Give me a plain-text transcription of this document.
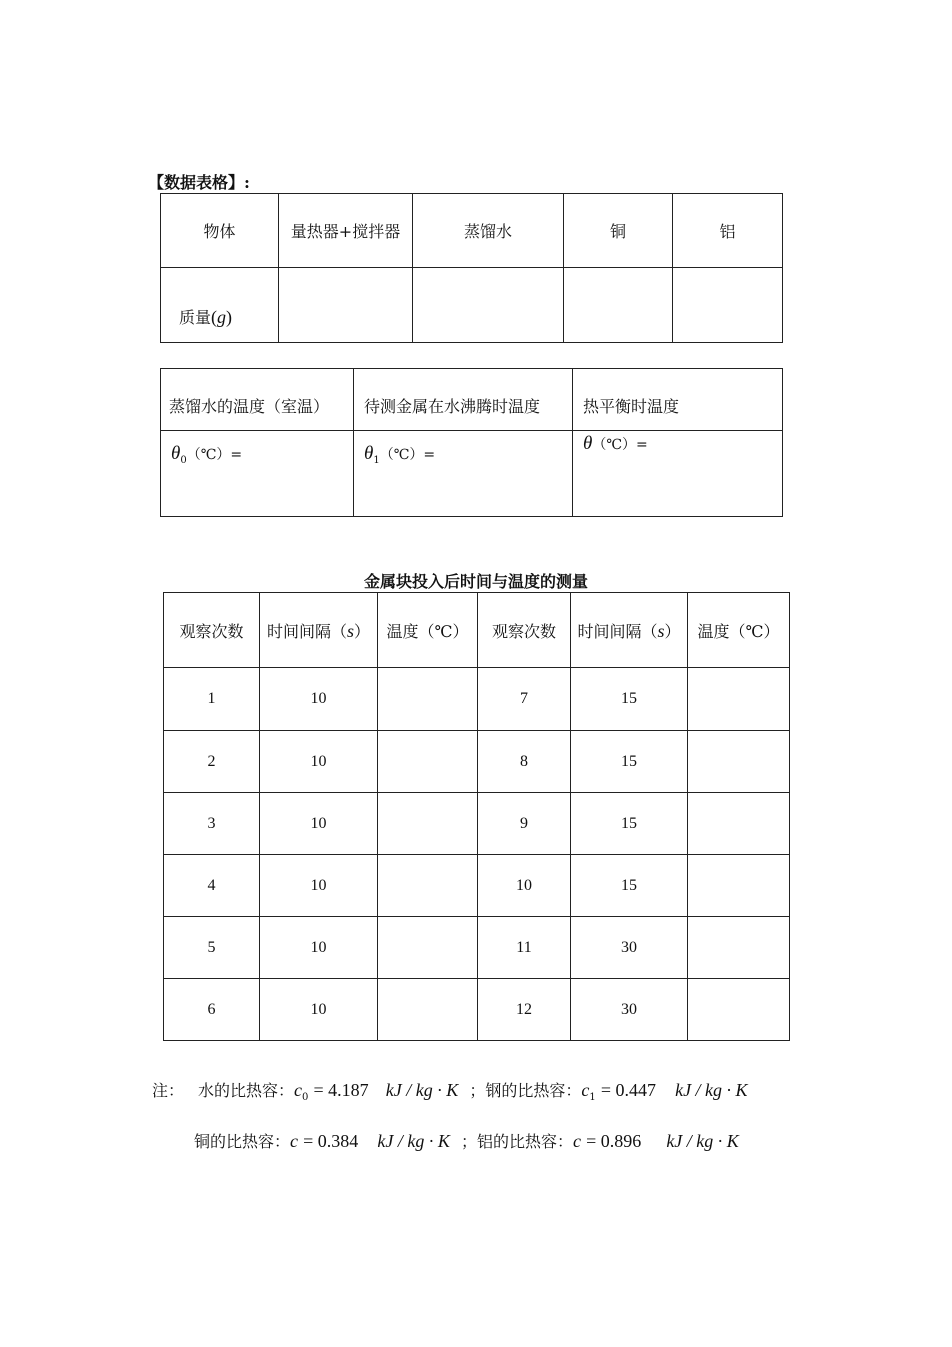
【数据表格】:
物体	量热器+搅拌器	蒸馏水	铜	铝
质量(g)				
蒸馏水的温度（室温）	待测金属在水沸腾时温度	热平衡时温度
$\theta_0(℃)=$	$\theta_1(℃)=$	θ（℃）=
金属块投入后时间与温度的测量
观察次数	时间间隔（s）	温度（℃）	观察次数	时间间隔（s）	温度（℃）
1	10		7	15	
2	10		8	15	
3	10		9	15	
4	10		10	15	
5	10		11	30	
6	10		12	30	
注： 水的比热容：$c_0 = 4.187$ kJ / kg · K ；钢的比热容：$c_1 = 0.447$ kJ / kg · K
铜的比热容：c = 0.384 kJ / kg · K ；铝的比热容：c = 0.896 kJ / kg · K
